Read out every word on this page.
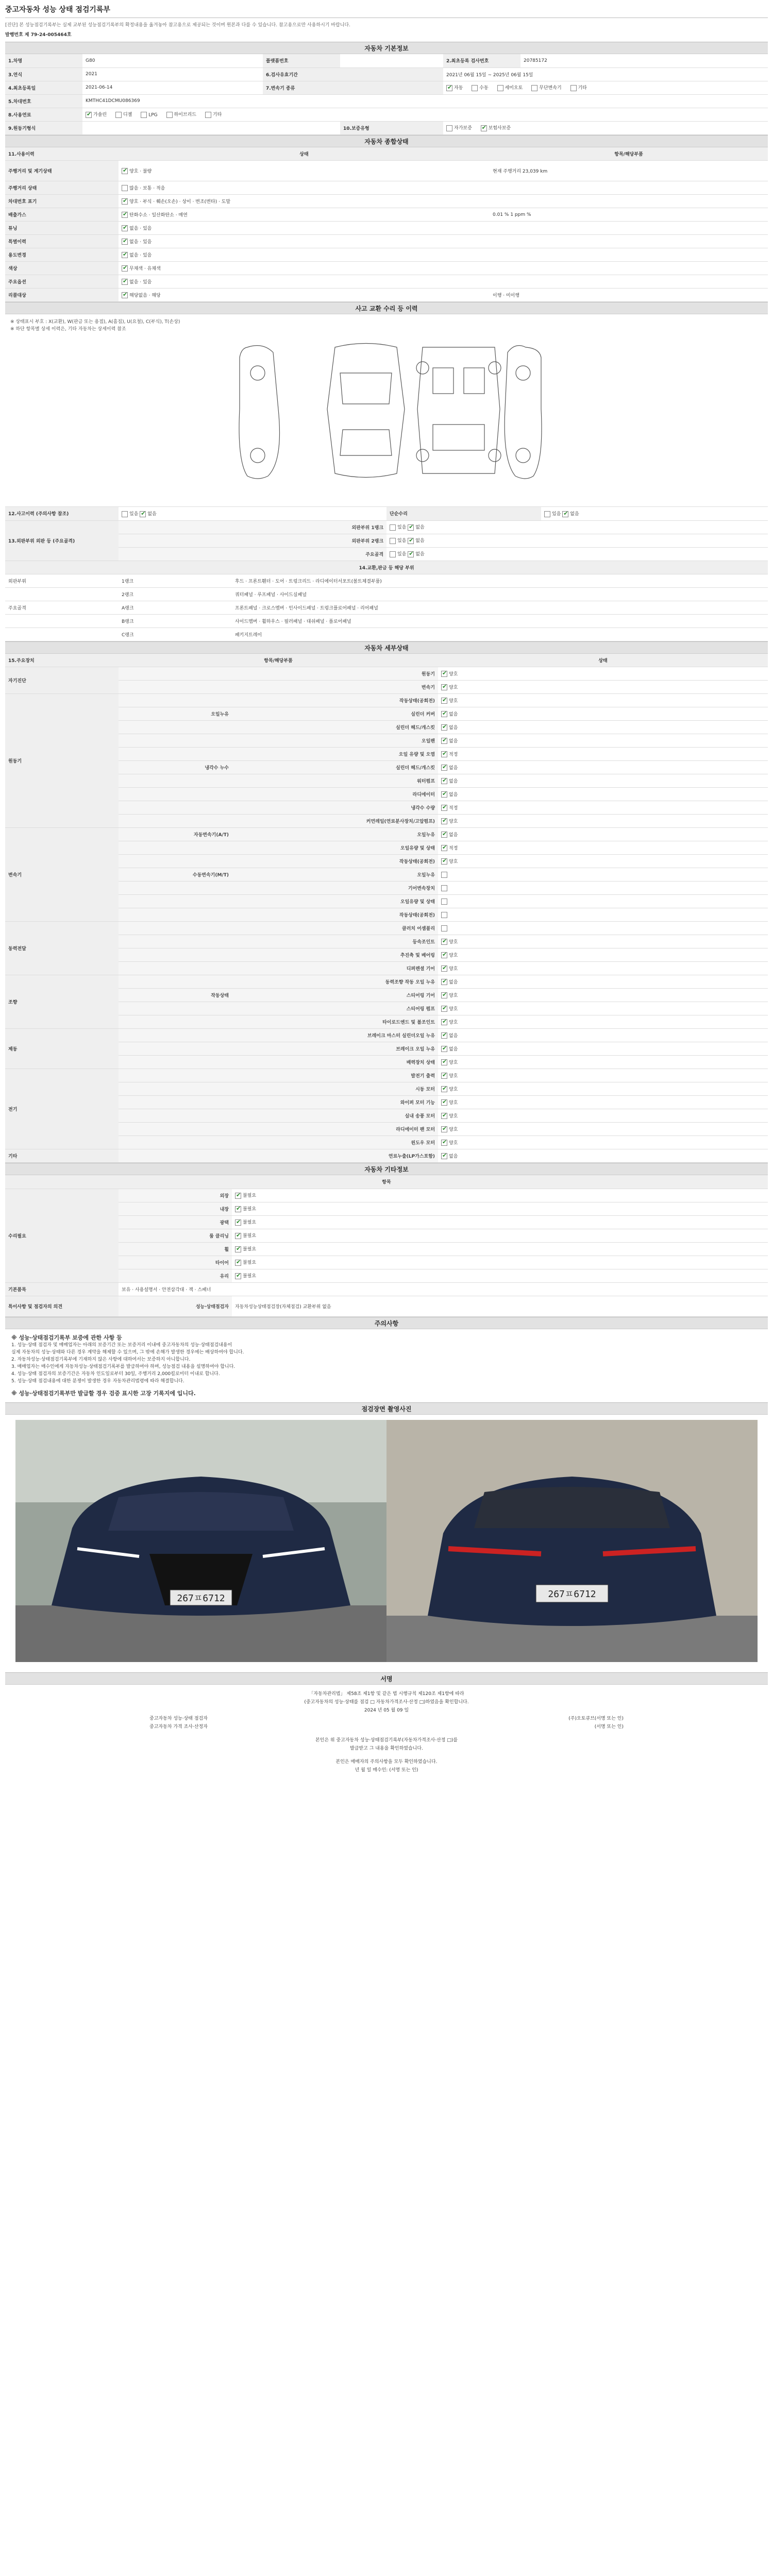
중고자동차 성능 상태 점검기록부
[진단] 본 성능점검기록부는 실제 교부된 성능점검기록부의 확정내용을 옮겨놓아 참고용으로 제공되는 것이며 원본과 다를 수 있습니다. 참고용으로만 사용하시기 바랍니다.
발행번호 제 79-24-005464호
자동차 기본정보
1.차명	G80	플랫폼번호		2.최초등록 검사번호	20785172
3.연식	2021	6.검사유효기간		2021년 06월 15일 ~ 2025년 06월 15일	
4.최초등록일	2021-06-14	7.변속기 종류	✔자동 수동 세미오토 무단변속기 기타
5.차대번호	KMTHC41DCMU086369				
8.사용연료	✔가솔린 디젤 LPG 하이브리드 기타
9.원동기형식			10.보증유형	자가보증 ✔ 보험사보증
자동차 종합상태
11.사용이력	상태	항목/해당부품
주행거리 및 계기상태	✔양호 · 불량	현재 주행거리 23,039 km
주행거리 상태	많음 · 보통 · 적음	
차대번호 표기	✔양호 · 부식 · 훼손(오손) · 상이 · 변조(변타) · 도말	
배출가스	✔탄화수소 · 일산화탄소 · 매연	0.01 % 1 ppm %
튜닝	✔없음 · 있음	
특별이력	✔없음 · 있음	
용도변경	✔없음 · 있음	
색상	✔무채색 · 유채색	
주요옵션	✔없음 · 있음	
리콜대상	✔해당없음 · 해당	이행 · 미이행
사고 교환 수리 등 이력
※ 상태표시 부호 : X(교환), W(판금 또는 용접), A(흠집), U(요철), C(부식), T(손상)
※ 하단 항목별 상세 이력은, 기타 자동차는 상세이력 참조
12.사고이력 (주의사항 참조)	있음 ✔없음		단순수리	있음 ✔없음
13.외판부위 외판 등 (주요골격)	외판부위 1랭크		있음 ✔없음
	외판부위 2랭크		있음 ✔없음
	주요골격		있음 ✔없음
14.교환,판금 등 해당 부위				
외판부위	1랭크	후드 · 프론트휀더 · 도어 · 트렁크리드 · 라디에이터서포트(볼트체결부품)		
	2랭크	쿼터패널 · 루프패널 · 사이드실패널		
주요골격	A랭크	프론트패널 · 크로스멤버 · 인사이드패널 · 트렁크플로어패널 · 리어패널		
	B랭크	사이드멤버 · 휠하우스 · 필러패널 · 대쉬패널 · 플로어패널		
	C랭크	패키지트레이		
자동차 세부상태
15.주요장치	항목/해당부품		상태
자기진단		원동기	✔양호
		변속기	✔양호
원동기		작동상태(공회전)	✔양호
	오일누유	실린더 커버	✔없음
		실린더 헤드/개스킷	✔없음
		오일팬	✔없음
		오일 유량 및 오염	✔적정
	냉각수 누수	실린더 헤드/개스킷	✔없음
		워터펌프	✔없음
		라디에이터	✔없음
		냉각수 수량	✔적정
		커먼레일(연료분사장치/고압펌프)	✔양호
변속기	자동변속기(A/T)	오일누유	✔없음
		오일유량 및 상태	✔적정
		작동상태(공회전)	✔양호
	수동변속기(M/T)	오일누유	
		기어변속장치	
		오일유량 및 상태	
		작동상태(공회전)	
동력전달		클러치 어셈블리	
		등속조인트	✔양호
		추진축 및 베어링	✔양호
		디퍼렌셜 기어	✔양호
조향		동력조향 작동 오일 누유	✔없음
	작동상태	스티어링 기어	✔양호
		스티어링 펌프	✔양호
		타이로드엔드 및 볼조인트	✔양호
제동		브레이크 마스터 실린더오일 누유	✔없음
		브레이크 오일 누유	✔없음
		배력장치 상태	✔양호
전기		발전기 출력	✔양호
		시동 모터	✔양호
		와이퍼 모터 기능	✔양호
		실내 송풍 모터	✔양호
		라디에이터 팬 모터	✔양호
		윈도우 모터	✔양호
기타		연료누출(LP가스포함)	✔없음
자동차 기타정보
항목		
수리필요	외장	✔불필요
	내장	✔불필요
	광택	✔불필요
	룸 클리닝	✔불필요
	휠	✔불필요
	타이어	✔불필요
	유리	✔불필요
기본품목	보유 · 사용설명서 · 안전삼각대 · 잭 · 스패너	
특이사항 및 점검자의 의견	성능·상태점검자	자동차성능상태점검장(자체점검) 교환부위 없음
주의사항
※ 성능·상태점검기록부 보증에 관한 사항 등
1. 성능·상태 점검자 및 매매업자는 아래의 보증기간 또는 보증거리 이내에 중고자동차의 성능·상태점검내용이
실제 자동차의 성능·상태와 다른 경우 계약을 해제할 수 있으며, 그 밖에 손해가 발생한 경우에는 배상하여야 합니다.
2. 자동차성능·상태점검기록부에 기재하지 않은 사항에 대하여서는 보증하지 아니합니다.
3. 매매업자는 매수인에게 자동차성능·상태점검기록부를 발급하여야 하며, 성능점검 내용을 설명하여야 합니다.
4. 성능·상태 점검자의 보증기간은 자동차 인도일로부터 30일, 주행거리 2,000킬로미터 이내로 합니다.
5. 성능·상태 점검내용에 대한 분쟁이 발생한 경우 자동차관리법령에 따라 해결합니다.
※ 성능·상태점검기록부만 발급할 경우 검증 표시한 고장 기록지에 입니다.
점검장면 촬영사진
267ㅍ6712	267ㅍ6712
서명
「자동차관리법」 제58조 제1항 및 같은 법 시행규칙 제120조 제1항에 따라
(중고자동차의 성능·상태를 점검 □ 자동차가격조사·산정 □)하였음을 확인합니다.
2024 년 05 월 09 일
중고자동차 성능·상태 점검자	(주)오토큐브(서명 또는 인)
중고자동차 가격 조사·산정자	(서명 또는 인)
본인은 위 중고자동차 성능·상태점검기록부(자동차가격조사·산정 □)를
발급받고 그 내용을 확인하였습니다.
본인은 매매자의 주의사항을 모두 확인하였습니다.
년 월 일 매수인: (서명 또는 인)
